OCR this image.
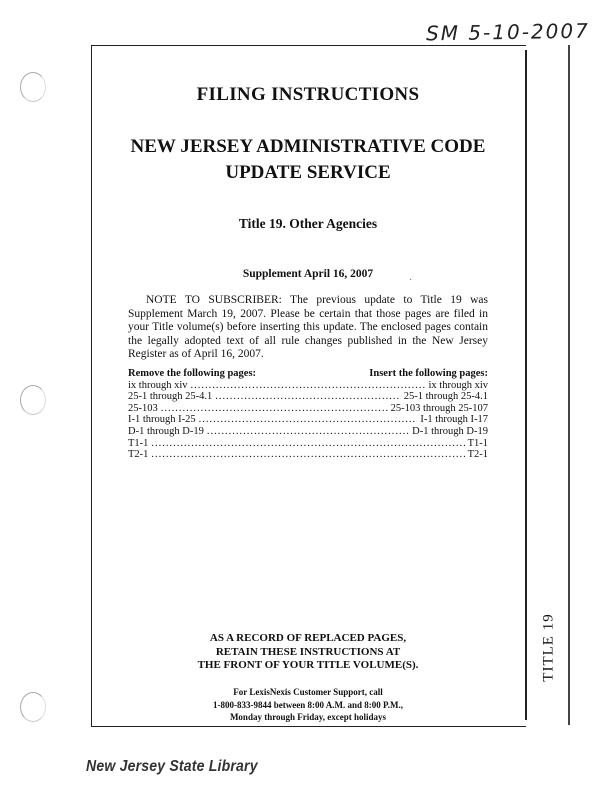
SM 5-10-2007
FILING INSTRUCTIONS
NEW JERSEY ADMINISTRATIVE CODE
UPDATE SERVICE
Title 19. Other Agencies
Supplement April 16, 2007
·

NOTE TO SUBSCRIBER: The previous update to Title 19 was Supplement March 19, 2007. Please be certain that those pages are filed in your Title volume(s) before inserting this update. The enclosed pages contain the legally adopted text of all rule changes published in the New Jersey Register as of April 16, 2007.

Remove the following pages:	Insert the following pages:
ix through xiv .....	ix through xiv
25-1 through 25-4.1 .....	25-1 through 25-4.1
25-103 .....	25-103 through 25-107
I-1 through I-25 .....	I-1 through I-17
D-1 through D-19 .....	D-1 through D-19
T1-1 .....	T1-1
T2-1 .....	T2-1
AS A RECORD OF REPLACED PAGES,
RETAIN THESE INSTRUCTIONS AT
THE FRONT OF YOUR TITLE VOLUME(S).
For LexisNexis Customer Support, call
1-800-833-9844 between 8:00 A.M. and 8:00 P.M.,
Monday through Friday, except holidays
TITLE 19
New Jersey State Library
